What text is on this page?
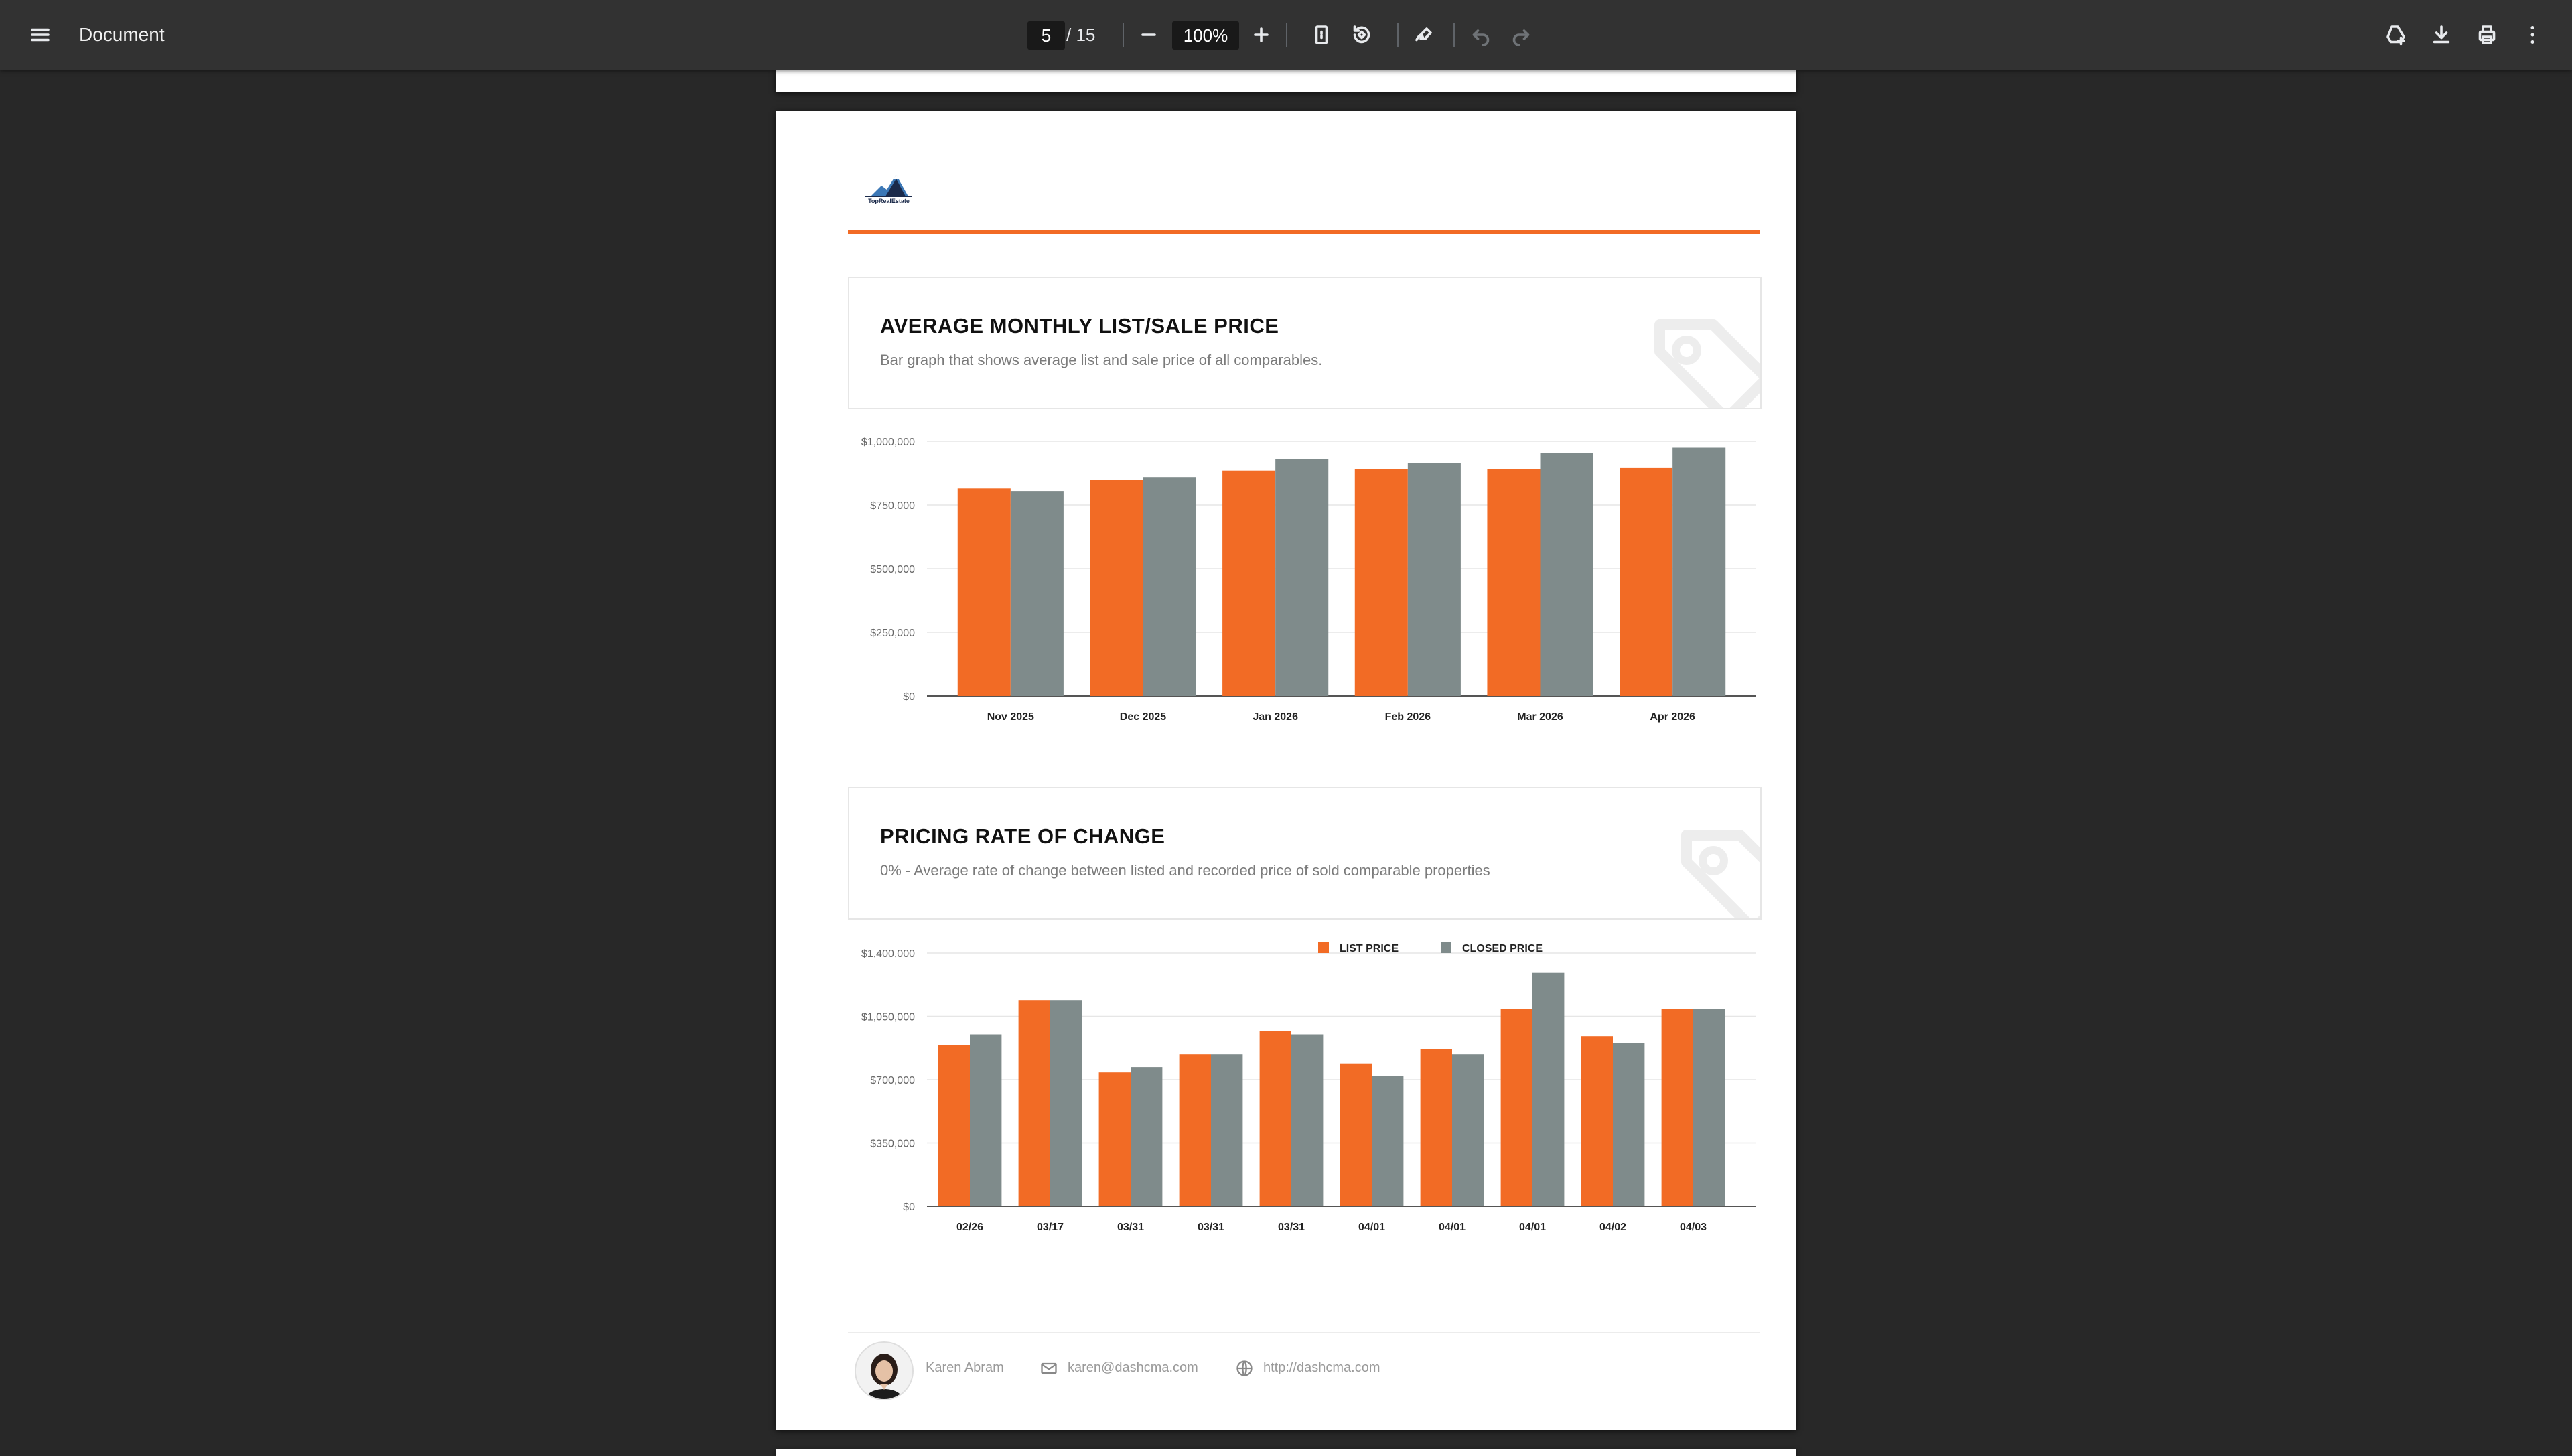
Document
5	/ 15
100%
TopRealEstate
AVERAGE MONTHLY LIST/SALE PRICE
Bar graph that shows average list and sale price of all comparables.
$0
$250,000
$500,000
$750,000
$1,000,000
Nov 2025	Dec 2025	Jan 2026	Feb 2026	Mar 2026	Apr 2026
PRICING RATE OF CHANGE
0% - Average rate of change between listed and recorded price of sold comparable properties
$0
$350,000
$700,000
$1,050,000
$1,400,000
02/26	03/17	03/31	03/31	03/31	04/01	04/01	04/01	04/02	04/03
LIST PRICE	CLOSED PRICE
Karen Abram	karen@dashcma.com	http://dashcma.com
